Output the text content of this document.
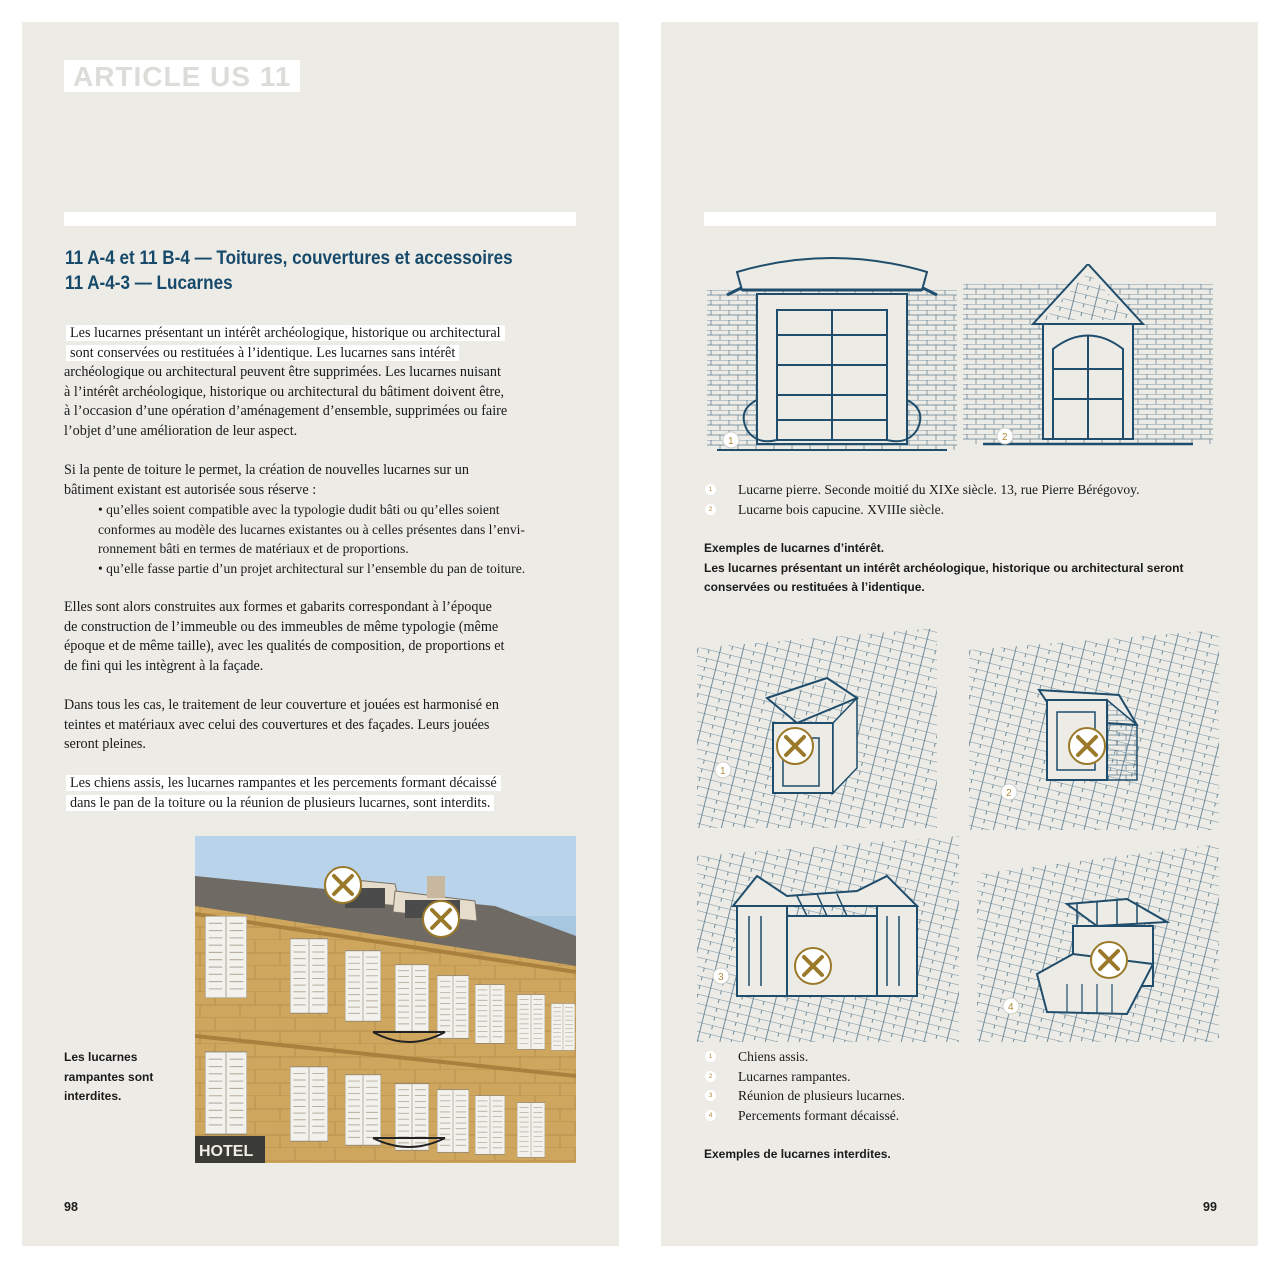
ARTICLE US 11
11 A-4 et 11 B-4 — Toitures, couvertures et accessoires
11 A-4-3 — Lucarnes
Les lucarnes présentant un intérêt archéologique, historique ou architectural
sont conservées ou restituées à l’identique. Les lucarnes sans intérêt
archéologique ou architectural peuvent être supprimées. Les lucarnes nuisant
à l’intérêt archéologique, historique ou architectural du bâtiment doivent être,
à l’occasion d’une opération d’aménagement d’ensemble, supprimées ou faire
l’objet d’une amélioration de leur aspect.
Si la pente de toiture le permet, la création de nouvelles lucarnes sur un
bâtiment existant est autorisée sous réserve :
• qu’elles soient compatible avec la typologie dudit bâti ou qu’elles soient
conformes au modèle des lucarnes existantes ou à celles présentes dans l’envi-
ronnement bâti en termes de matériaux et de proportions.
• qu’elle fasse partie d’un projet architectural sur l’ensemble du pan de toiture.
Elles sont alors construites aux formes et gabarits correspondant à l’époque
de construction de l’immeuble ou des immeubles de même typologie (même
époque et de même taille), avec les qualités de composition, de proportions et
de fini qui les intègrent à la façade.
Dans tous les cas, le traitement de leur couverture et jouées est harmonisé en
teintes et matériaux avec celui des couvertures et des façades. Leurs jouées
seront pleines.
Les chiens assis, les lucarnes rampantes et les percements formant décaissé
dans le pan de la toiture ou la réunion de plusieurs lucarnes, sont interdits.
HOTEL
Les lucarnes
rampantes sont
interdites.
98
1	2
1 Lucarne pierre. Seconde moitié du XIXe siècle. 13, rue Pierre Bérégovoy.
2 Lucarne bois capucine. XVIIIe siècle.
Exemples de lucarnes d’intérêt.
Les lucarnes présentant un intérêt archéologique, historique ou architectural seront
conservées ou restituées à l’identique.
1
2
3
4
1 Chiens assis.
2 Lucarnes rampantes.
3 Réunion de plusieurs lucarnes.
4 Percements formant décaissé.
Exemples de lucarnes interdites.
99
